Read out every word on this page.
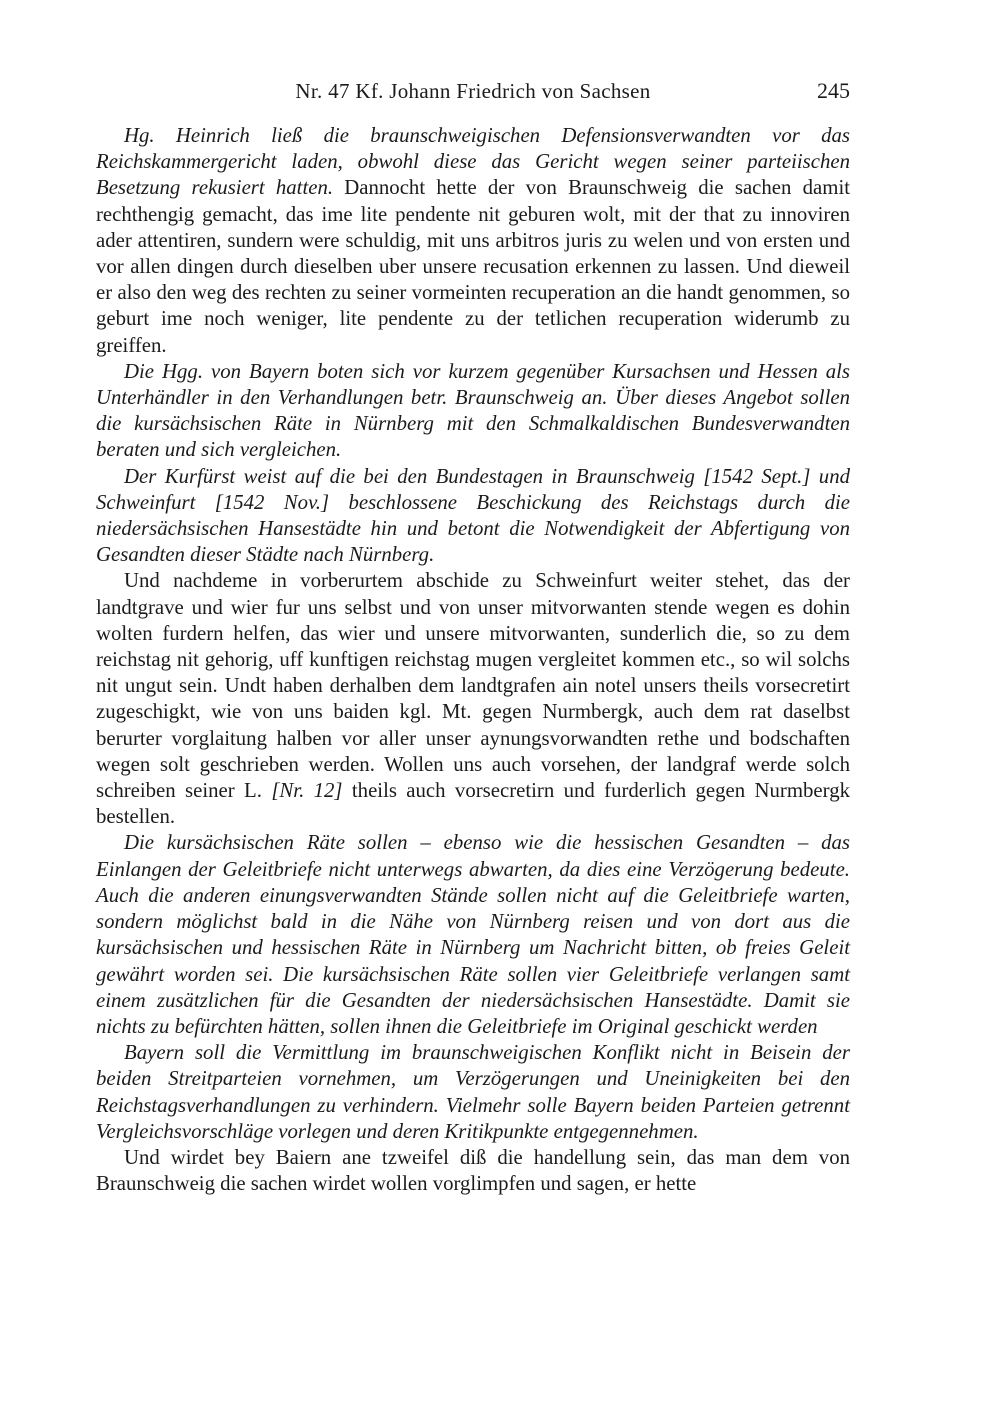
Nr. 47 Kf. Johann Friedrich von Sachsen	245

Hg. Heinrich ließ die braunschweigischen Defensionsverwandten vor das Reichskammergericht laden, obwohl diese das Gericht wegen seiner parteiischen Besetzung rekusiert hatten. Dannocht hette der von Braunschweig die sachen damit rechthengig gemacht, das ime lite pendente nit geburen wolt, mit der that zu innoviren ader attentiren, sundern were schuldig, mit uns arbitros juris zu welen und von ersten und vor allen dingen durch dieselben uber unsere recusation erkennen zu lassen. Und dieweil er also den weg des rechten zu seiner vormeinten recuperation an die handt genommen, so geburt ime noch weniger, lite pendente zu der tetlichen recuperation widerumb zu greiffen.

Die Hgg. von Bayern boten sich vor kurzem gegenüber Kursachsen und Hessen als Unterhändler in den Verhandlungen betr. Braunschweig an. Über dieses Angebot sollen die kursächsischen Räte in Nürnberg mit den Schmalkaldischen Bundesverwandten beraten und sich vergleichen.

Der Kurfürst weist auf die bei den Bundestagen in Braunschweig [1542 Sept.] und Schweinfurt [1542 Nov.] beschlossene Beschickung des Reichstags durch die niedersächsischen Hansestädte hin und betont die Notwendigkeit der Abfertigung von Gesandten dieser Städte nach Nürnberg.

Und nachdeme in vorberurtem abschide zu Schweinfurt weiter stehet, das der landtgrave und wier fur uns selbst und von unser mitvorwanten stende wegen es dohin wolten furdern helfen, das wier und unsere mitvorwanten, sunderlich die, so zu dem reichstag nit gehorig, uff kunftigen reichstag mugen vergleitet kommen etc., so wil solchs nit ungut sein. Undt haben derhalben dem landtgrafen ain notel unsers theils vorsecretirt zugeschigkt, wie von uns baiden kgl. Mt. gegen Nurmbergk, auch dem rat daselbst berurter vorglaitung halben vor aller unser aynungsvorwandten rethe und bodschaften wegen solt geschrieben werden. Wollen uns auch vorsehen, der landgraf werde solch schreiben seiner L. [Nr. 12] theils auch vorsecretirn und furderlich gegen Nurmbergk bestellen.

Die kursächsischen Räte sollen – ebenso wie die hessischen Gesandten – das Einlangen der Geleitbriefe nicht unterwegs abwarten, da dies eine Verzögerung bedeute. Auch die anderen einungsverwandten Stände sollen nicht auf die Geleitbriefe warten, sondern möglichst bald in die Nähe von Nürnberg reisen und von dort aus die kursächsischen und hessischen Räte in Nürnberg um Nachricht bitten, ob freies Geleit gewährt worden sei. Die kursächsischen Räte sollen vier Geleitbriefe verlangen samt einem zusätzlichen für die Gesandten der niedersächsischen Hansestädte. Damit sie nichts zu befürchten hätten, sollen ihnen die Geleitbriefe im Original geschickt werden

Bayern soll die Vermittlung im braunschweigischen Konflikt nicht in Beisein der beiden Streitparteien vornehmen, um Verzögerungen und Uneinigkeiten bei den Reichstagsverhandlungen zu verhindern. Vielmehr solle Bayern beiden Parteien getrennt Vergleichsvorschläge vorlegen und deren Kritikpunkte entgegennehmen.

Und wirdet bey Baiern ane tzweifel diß die handellung sein, das man dem von Braunschweig die sachen wirdet wollen vorglimpfen und sagen, er hette
